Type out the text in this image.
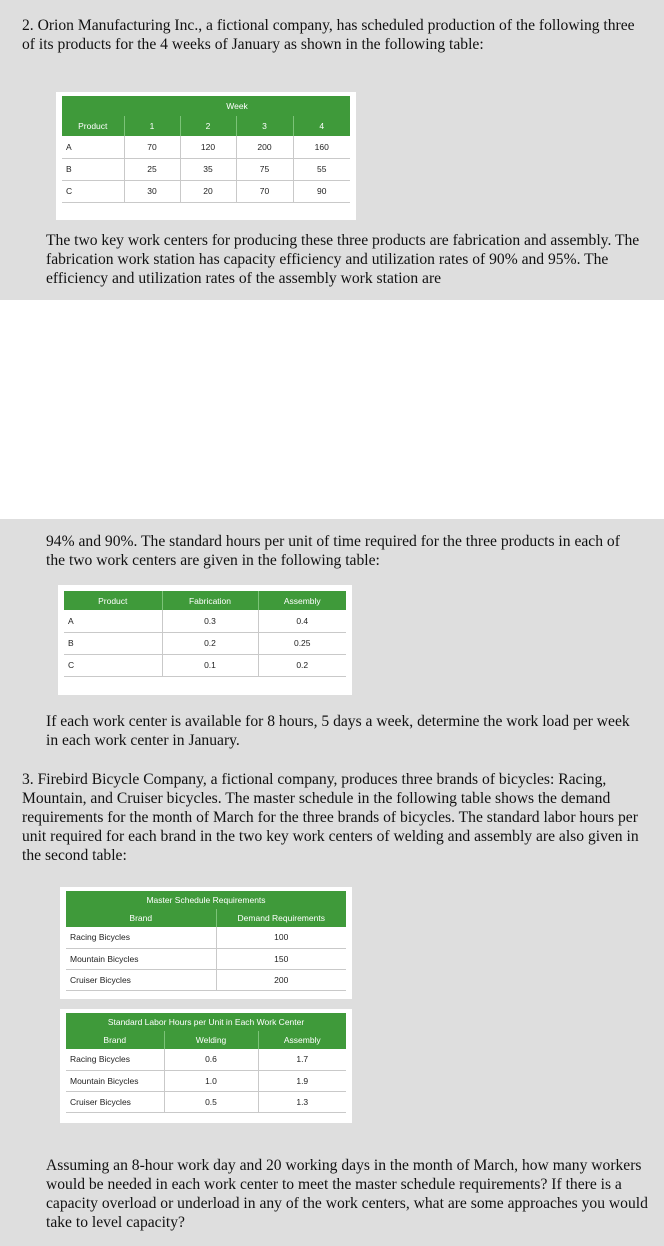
2. Orion Manufacturing Inc., a fictional company, has scheduled production of the following three of its products for the 4 weeks of January as shown in the following table:

	Week			
Product	1	2	3	4
A	70	120	200	160
B	25	35	75	55
C	30	20	70	90

The two key work centers for producing these three products are fabrication and assembly. The fabrication work station has capacity efficiency and utilization rates of 90% and 95%. The efficiency and utilization rates of the assembly work station are

94% and 90%. The standard hours per unit of time required for the three products in each of the two work centers are given in the following table:

Product	Fabrication	Assembly
A	0.3	0.4
B	0.2	0.25
C	0.1	0.2

If each work center is available for 8 hours, 5 days a week, determine the work load per week in each work center in January.

3. Firebird Bicycle Company, a fictional company, produces three brands of bicycles: Racing, Mountain, and Cruiser bicycles. The master schedule in the following table shows the demand requirements for the month of March for the three brands of bicycles. The standard labor hours per unit required for each brand in the two key work centers of welding and assembly are also given in the second table:

Master Schedule Requirements	
Brand	Demand Requirements
Racing Bicycles	100
Mountain Bicycles	150
Cruiser Bicycles	200
Standard Labor Hours per Unit in Each Work Center		
Brand	Welding	Assembly
Racing Bicycles	0.6	1.7
Mountain Bicycles	1.0	1.9
Cruiser Bicycles	0.5	1.3

Assuming an 8-hour work day and 20 working days in the month of March, how many workers would be needed in each work center to meet the master schedule requirements? If there is a capacity overload or underload in any of the work centers, what are some approaches you would take to level capacity?
